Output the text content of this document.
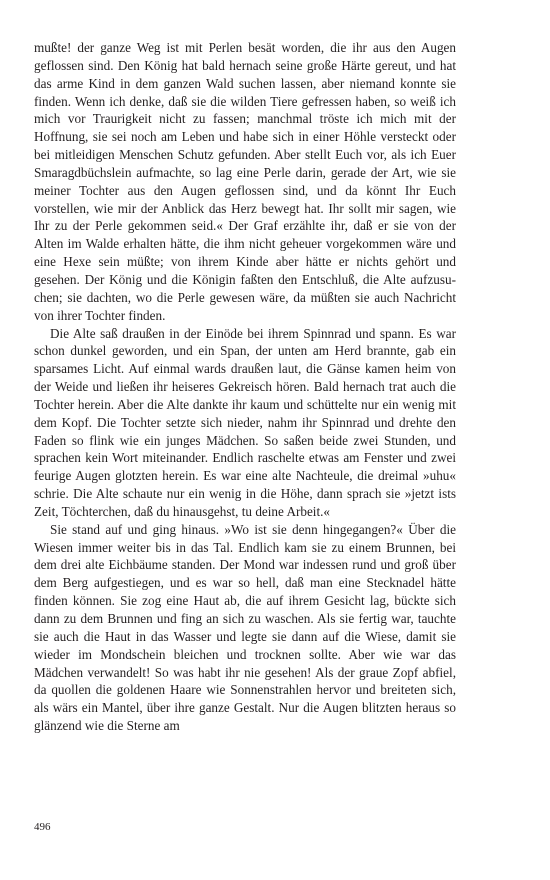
mußte! der ganze Weg ist mit Perlen besät worden, die ihr aus den Augen geflossen sind. Den König hat bald hernach seine große Härte gereut, und hat das arme Kind in dem ganzen Wald suchen lassen, aber niemand konnte sie finden. Wenn ich denke, daß sie die wilden Tiere gefressen haben, so weiß ich mich vor Traurigkeit nicht zu fassen; manchmal tröste ich mich mit der Hoffnung, sie sei noch am Leben und habe sich in einer Höhle versteckt oder bei mitleidigen Menschen Schutz gefunden. Aber stellt Euch vor, als ich Euer Smaragdbüchslein aufmachte, so lag eine Perle darin, gerade der Art, wie sie meiner Tochter aus den Augen geflossen sind, und da könnt Ihr Euch vorstellen, wie mir der Anblick das Herz bewegt hat. Ihr sollt mir sagen, wie Ihr zu der Perle gekommen seid.« Der Graf erzählte ihr, daß er sie von der Alten im Walde erhalten hätte, die ihm nicht geheuer vorgekommen wäre und eine Hexe sein müßte; von ihrem Kinde aber hätte er nichts gehört und gesehen. Der König und die Königin faßten den Entschluß, die Alte aufzusuchen; sie dachten, wo die Perle gewesen wäre, da müßten sie auch Nachricht von ihrer Tochter finden.

Die Alte saß draußen in der Einöde bei ihrem Spinnrad und spann. Es war schon dunkel geworden, und ein Span, der unten am Herd brannte, gab ein sparsames Licht. Auf einmal wards draußen laut, die Gänse kamen heim von der Weide und ließen ihr heiseres Gekreisch hören. Bald hernach trat auch die Tochter herein. Aber die Alte dankte ihr kaum und schüttelte nur ein wenig mit dem Kopf. Die Tochter setzte sich nieder, nahm ihr Spinnrad und drehte den Faden so flink wie ein junges Mädchen. So saßen beide zwei Stunden, und sprachen kein Wort miteinander. Endlich raschelte etwas am Fenster und zwei feurige Augen glotzten herein. Es war eine alte Nachteule, die dreimal »uhu« schrie. Die Alte schaute nur ein wenig in die Höhe, dann sprach sie »jetzt ists Zeit, Töchterchen, daß du hinausgehst, tu deine Arbeit.«

Sie stand auf und ging hinaus. »Wo ist sie denn hingegangen?« Über die Wiesen immer weiter bis in das Tal. Endlich kam sie zu einem Brunnen, bei dem drei alte Eichbäume standen. Der Mond war indessen rund und groß über dem Berg aufgestiegen, und es war so hell, daß man eine Stecknadel hätte finden können. Sie zog eine Haut ab, die auf ihrem Gesicht lag, bückte sich dann zu dem Brunnen und fing an sich zu waschen. Als sie fertig war, tauchte sie auch die Haut in das Wasser und legte sie dann auf die Wiese, damit sie wieder im Mondschein bleichen und trocknen sollte. Aber wie war das Mädchen verwandelt! So was habt ihr nie gesehen! Als der graue Zopf abfiel, da quollen die goldenen Haare wie Sonnenstrahlen hervor und breiteten sich, als wärs ein Mantel, über ihre ganze Gestalt. Nur die Augen blitzten heraus so glänzend wie die Sterne am

496
